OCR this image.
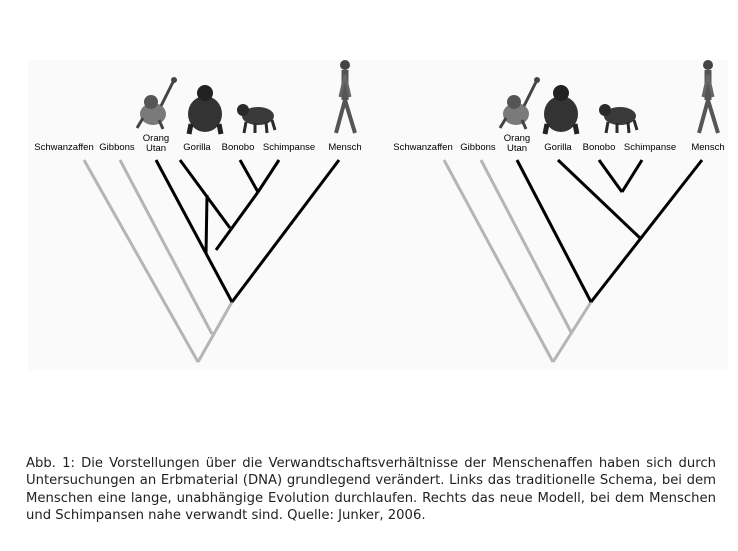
Schwanzaffen Gibbons
Orang
Utan Gorilla Bonobo Schimpanse Mensch	Schwanzaffen Gibbons
Orang
Utan Gorilla Bonobo Schimpanse Mensch

Abb. 1: Die Vorstellungen über die Verwandtschaftsverhältnisse der Menschenaffen haben sich durch Untersuchungen an Erbmaterial (DNA) grundlegend verändert. Links das traditionelle Schema, bei dem Menschen eine lange, unabhängige Evolution durchlaufen. Rechts das neue Modell, bei dem Menschen und Schimpansen nahe verwandt sind. Quelle: Junker, 2006.
